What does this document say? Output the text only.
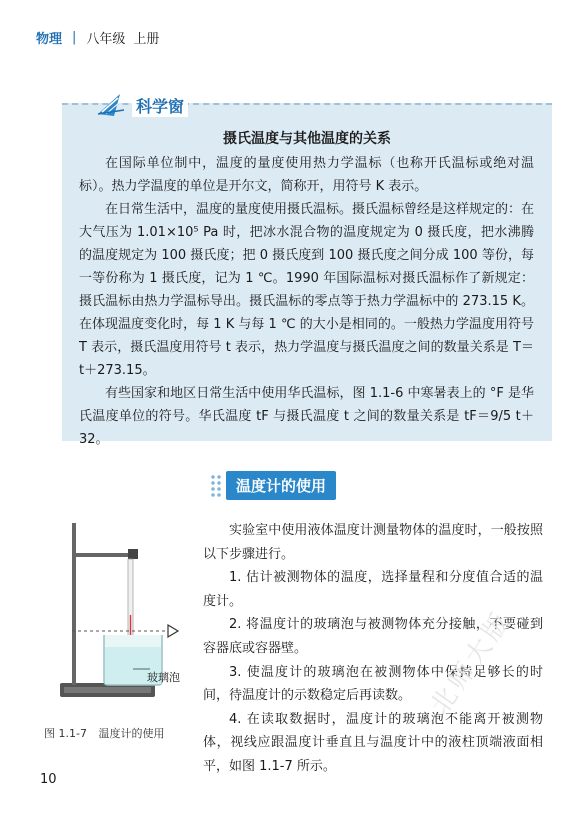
物理 | 八年级 上册
科学窗
摄氏温度与其他温度的关系

在国际单位制中，温度的量度使用热力学温标（也称开氏温标或绝对温标）。热力学温度的单位是开尔文，简称开，用符号 K 表示。

在日常生活中，温度的量度使用摄氏温标。摄氏温标曾经是这样规定的：在大气压为 1.01×10⁵ Pa 时，把冰水混合物的温度规定为 0 摄氏度，把水沸腾的温度规定为 100 摄氏度；把 0 摄氏度到 100 摄氏度之间分成 100 等份，每一等份称为 1 摄氏度，记为 1 ℃。1990 年国际温标对摄氏温标作了新规定：摄氏温标由热力学温标导出。摄氏温标的零点等于热力学温标中的 273.15 K。在体现温度变化时，每 1 K 与每 1 ℃ 的大小是相同的。一般热力学温度用符号 T 表示，摄氏温度用符号 t 表示，热力学温度与摄氏温度之间的数量关系是 T＝t＋273.15。

有些国家和地区日常生活中使用华氏温标，图 1.1-6 中寒暑表上的 °F 是华氏温度单位的符号。华氏温度 tF 与摄氏温度 t 之间的数量关系是 tF＝9/5 t＋32。

温度计的使用
玻璃泡
图 1.1-7 温度计的使用

实验室中使用液体温度计测量物体的温度时，一般按照以下步骤进行。

1. 估计被测物体的温度，选择量程和分度值合适的温度计。

2. 将温度计的玻璃泡与被测物体充分接触，不要碰到容器底或容器壁。

3. 使温度计的玻璃泡在被测物体中保持足够长的时间，待温度计的示数稳定后再读数。

4. 在读取数据时，温度计的玻璃泡不能离开被测物体，视线应跟温度计垂直且与温度计中的液柱顶端液面相平，如图 1.1-7 所示。

10
北师大版
